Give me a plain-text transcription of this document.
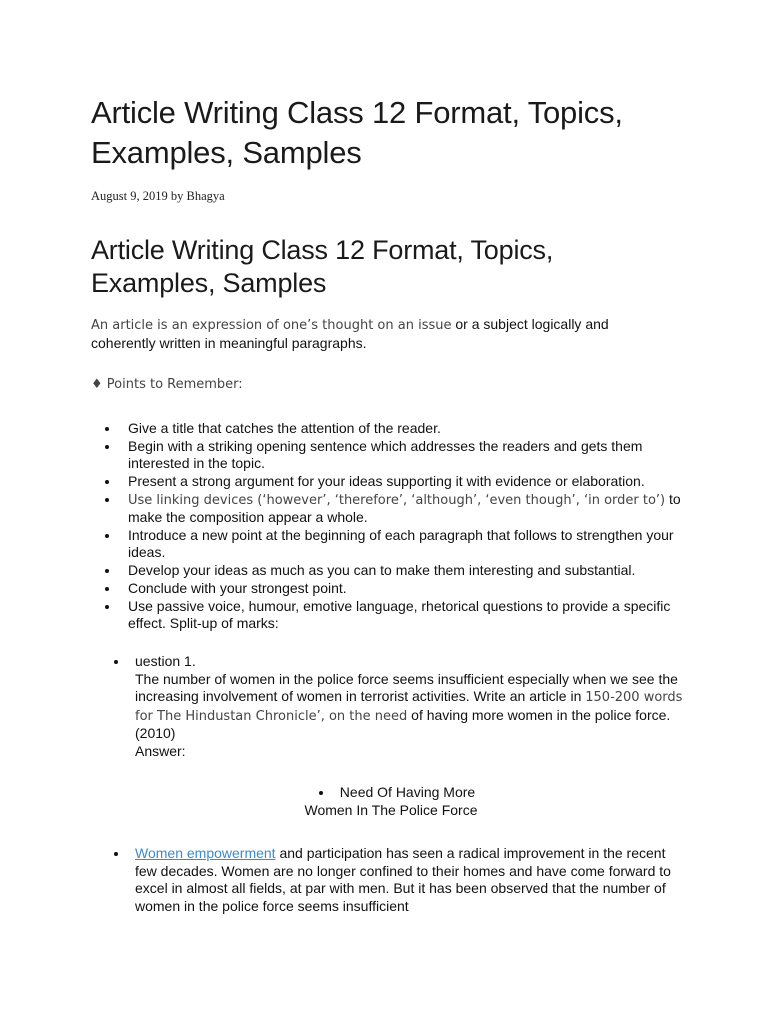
Article Writing Class 12 Format, Topics, Examples, Samples
August 9, 2019 by Bhagya
Article Writing Class 12 Format, Topics, Examples, Samples
An article is an expression of one’s thought on an issue or a subject logically and coherently written in meaningful paragraphs.
♦ Points to Remember:
Give a title that catches the attention of the reader.
Begin with a striking opening sentence which addresses the readers and gets them interested in the topic.
Present a strong argument for your ideas supporting it with evidence or elaboration.
Use linking devices (‘however’, ‘therefore’, ‘although’, ‘even though’, ‘in order to’) to make the composition appear a whole.
Introduce a new point at the beginning of each paragraph that follows to strengthen your ideas.
Develop your ideas as much as you can to make them interesting and substantial.
Conclude with your strongest point.
Use passive voice, humour, emotive language, rhetorical questions to provide a specific effect. Split-up of marks:
uestion 1.
The number of women in the police force seems insufficient especially when we see the increasing involvement of women in terrorist activities. Write an article in 150-200 words for The Hindustan Chronicle’, on the need of having more women in the police force. (2010)
Answer:
Need Of Having More
Women In The Police Force
Women empowerment and participation has seen a radical improvement in the recent few decades. Women are no longer confined to their homes and have come forward to excel in almost all fields, at par with men. But it has been observed that the number of women in the police force seems insufficient
